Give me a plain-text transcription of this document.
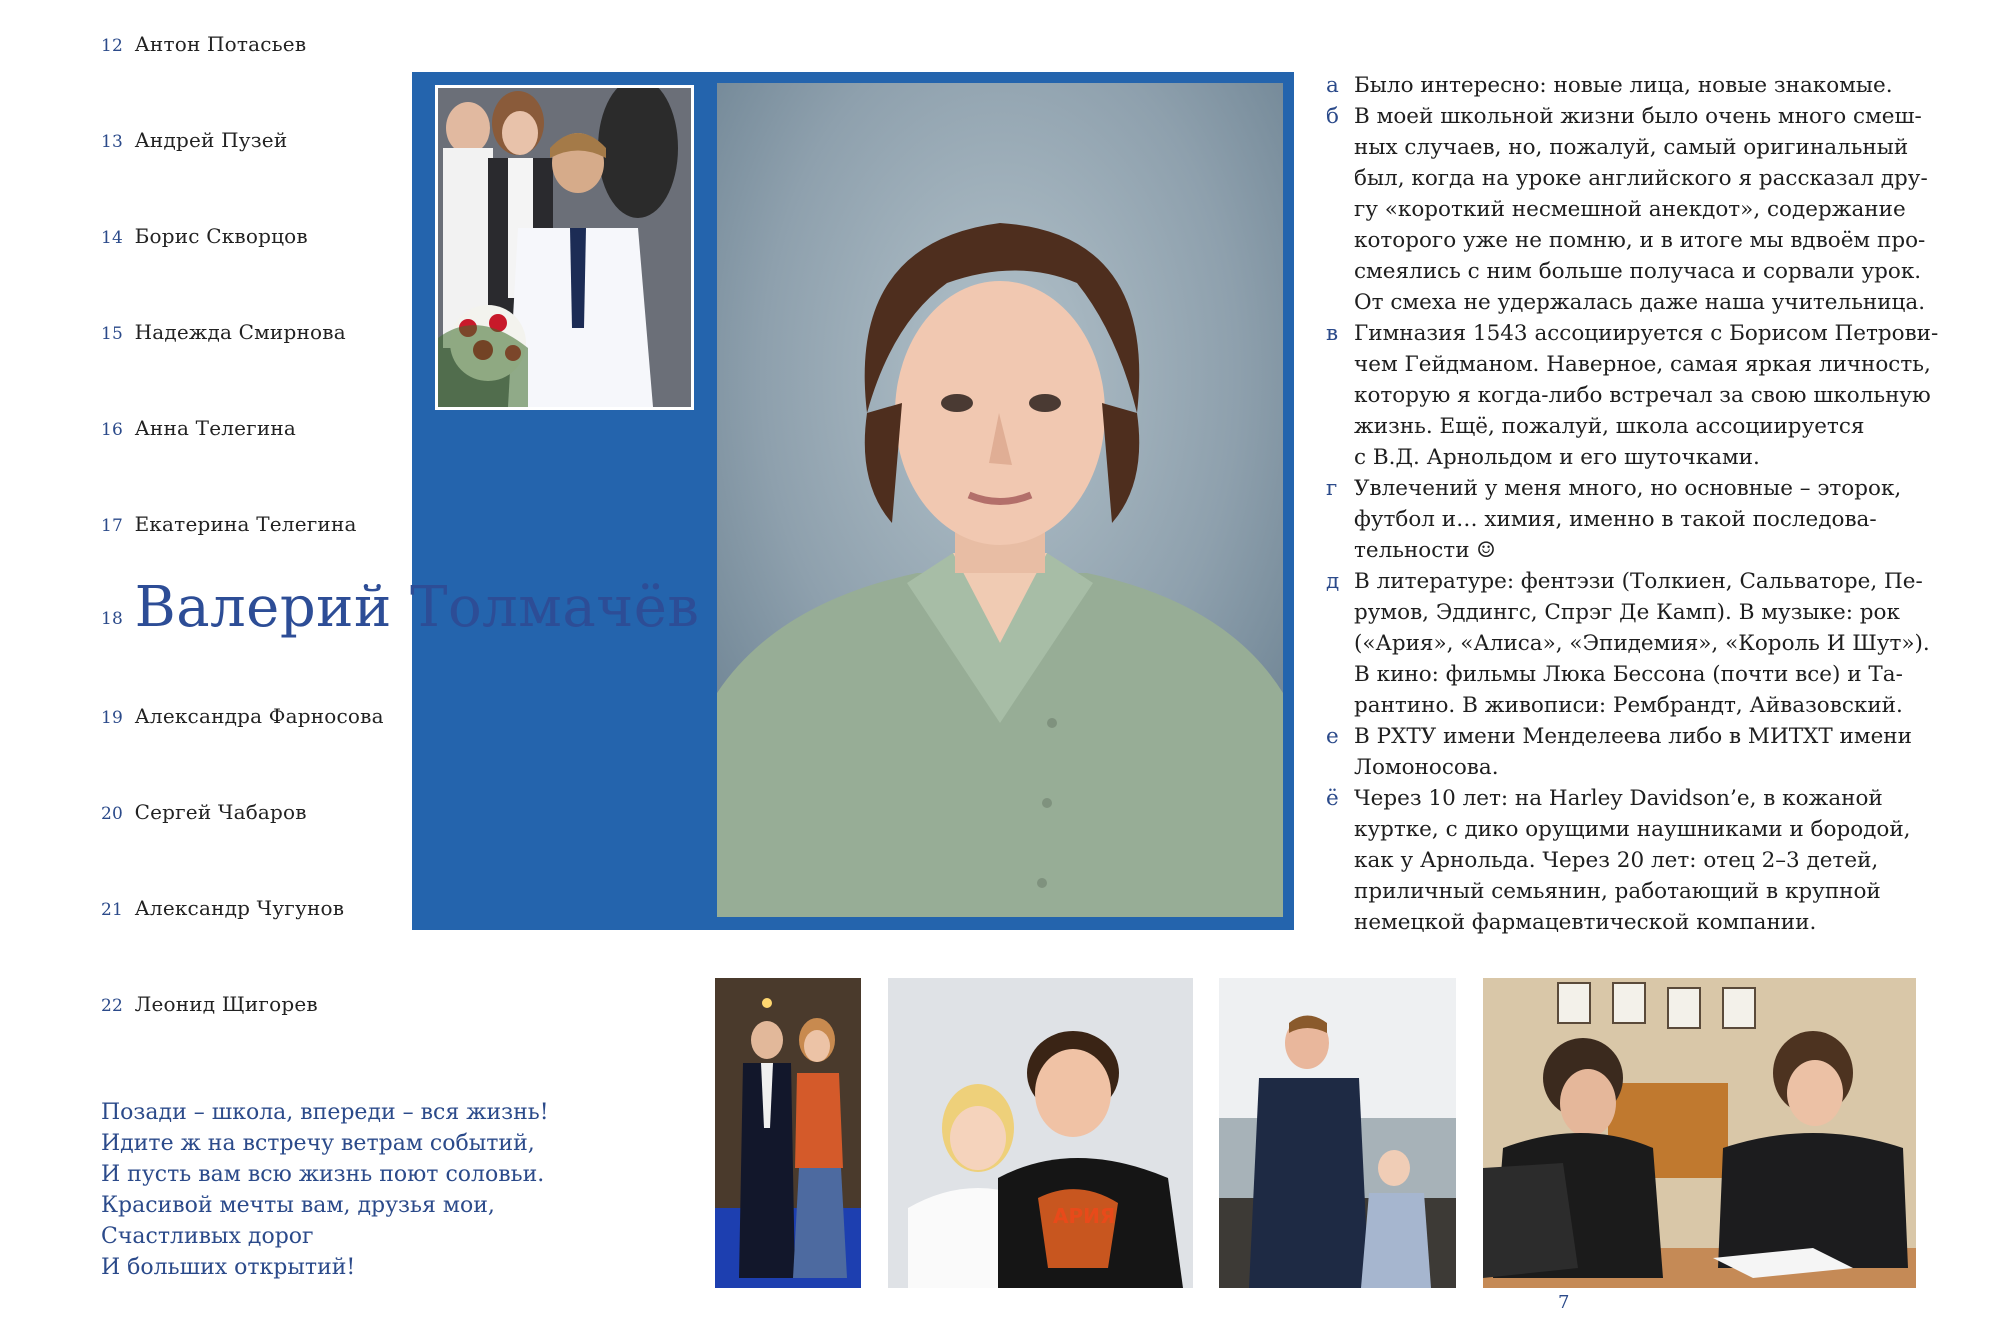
12 Антон Потасьев
13 Андрей Пузей
14 Борис Скворцов
15 Надежда Смирнова
16 Анна Телегина
17 Екатерина Телегина
18 Валерий Толмачёв
19 Александра Фарносова
20 Сергей Чабаров
21 Александр Чугунов
22 Леонид Щигорев
а Было интересно: новые лица, новые знакомые.
б В моей школьной жизни было очень много смеш-
ных случаев, но, пожалуй, самый оригинальный
был, когда на уроке английского я рассказал дру-
гу «короткий несмешной анекдот», содержание
которого уже не помню, и в итоге мы вдвоём про-
смеялись с ним больше получаса и сорвали урок.
От смеха не удержалась даже наша учительница.
в Гимназия 1543 ассоциируется с Борисом Петрови-
чем Гейдманом. Наверное, самая яркая личность,
которую я когда-либо встречал за свою школьную
жизнь. Ещё, пожалуй, школа ассоциируется
с В.Д. Арнольдом и его шуточками.
г Увлечений у меня много, но основные – эторок,
футбол и… химия, именно в такой последова-
тельности ☺
д В литературе: фентэзи (Толкиен, Сальваторе, Пе-
румов, Эддингс, Спрэг Де Камп). В музыке: рок
(«Ария», «Алиса», «Эпидемия», «Король И Шут»).
В кино: фильмы Люка Бессона (почти все) и Та-
рантино. В живописи: Рембрандт, Айвазовский.
е В РХТУ имени Менделеева либо в МИТХТ имени
Ломоносова.
ё Через 10 лет: на Harley Davidson’e, в кожаной
куртке, с дико орущими наушниками и бородой,
как у Арнольда. Через 20 лет: отец 2–3 детей,
приличный семьянин, работающий в крупной
немецкой фармацевтической компании.
Позади – школа, впереди – вся жизнь!
Идите ж на встречу ветрам событий,
И пусть вам всю жизнь поют соловьи.
Красивой мечты вам, друзья мои,
Счастливых дорог
И больших открытий!
АРИЯ
7
